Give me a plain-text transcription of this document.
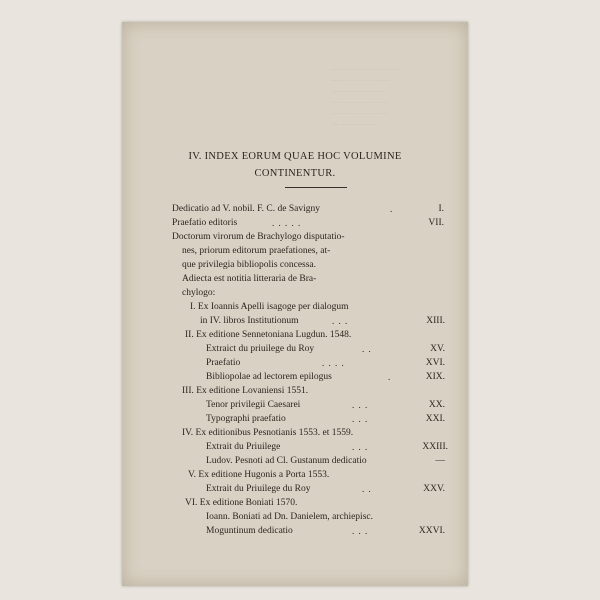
——————————
— — — — — ——
——— — ———
— ———— — —
——— — — ——
— — ————
IV. INDEX EORUM QUAE HOC VOLUMINE
CONTINENTUR.
Dedicatio ad V. nobil. F. C. de Savigny	.	I.
Praefatio editoris	. . . . .	VII.
Doctorum virorum de Brachylogo disputatio-
nes, priorum editorum praefationes, at-
que privilegia bibliopolis concessa.
Adiecta est notitia litteraria de Bra-
chylogo:
I. Ex Ioannis Apelli isagoge per dialogum
in IV. libros Institutionum	. . .	XIII.
II. Ex editione Sennetoniana Lugdun. 1548.
Extraict du priuilege du Roy	. .	XV.
Praefatio	. . . .	XVI.
Bibliopolae ad lectorem epilogus	.	XIX.
III. Ex editione Lovaniensi 1551.
Tenor privilegii Caesarei	. . .	XX.
Typographi praefatio	. . .	XXI.
IV. Ex editionibus Pesnotianis 1553. et 1559.
Extrait du Priuilege	. . .	XXIII.
Ludov. Pesnoti ad Cl. Gustanum dedicatio	—
V. Ex editione Hugonis a Porta 1553.
Extrait du Priuilege du Roy	. .	XXV.
VI. Ex editione Boniati 1570.
Ioann. Boniati ad Dn. Danielem, archiepisc.
Moguntinum dedicatio	. . .	XXVI.
